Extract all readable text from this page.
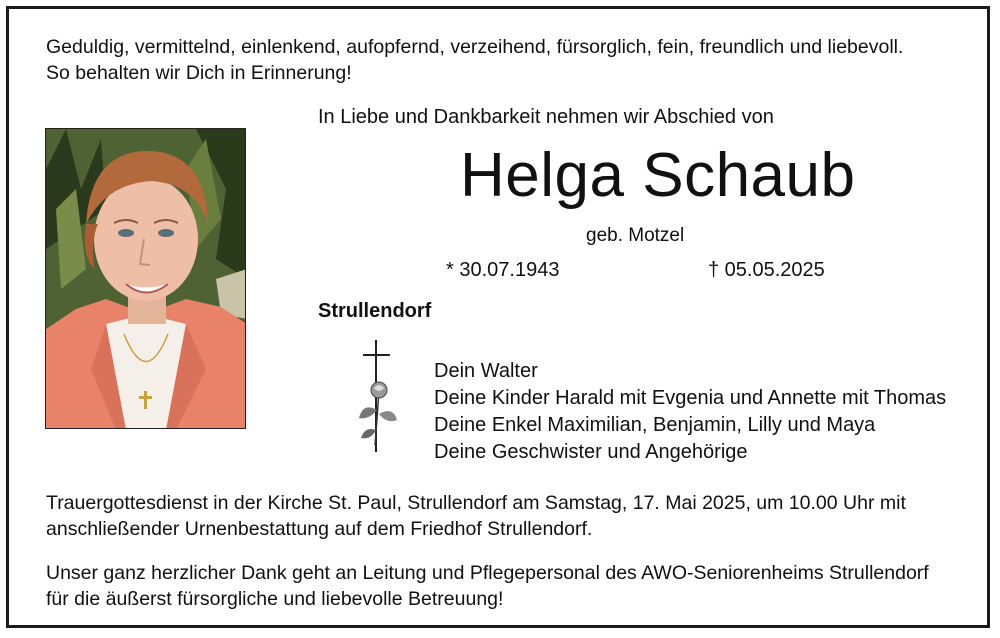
Geduldig, vermittelnd, einlenkend, aufopfernd, verzeihend, fürsorglich, fein, freundlich und liebevoll.
So behalten wir Dich in Erinnerung!
In Liebe und Dankbarkeit nehmen wir Abschied von
Helga Schaub
geb. Motzel
* 30.07.1943	† 05.05.2025
Strullendorf
Dein Walter
Deine Kinder Harald mit Evgenia und Annette mit Thomas
Deine Enkel Maximilian, Benjamin, Lilly und Maya
Deine Geschwister und Angehörige
Trauergottesdienst in der Kirche St. Paul, Strullendorf am Samstag, 17. Mai 2025, um 10.00 Uhr mit
anschließender Urnenbestattung auf dem Friedhof Strullendorf.
Unser ganz herzlicher Dank geht an Leitung und Pflegepersonal des AWO-Seniorenheims Strullendorf
für die äußerst fürsorgliche und liebevolle Betreuung!
